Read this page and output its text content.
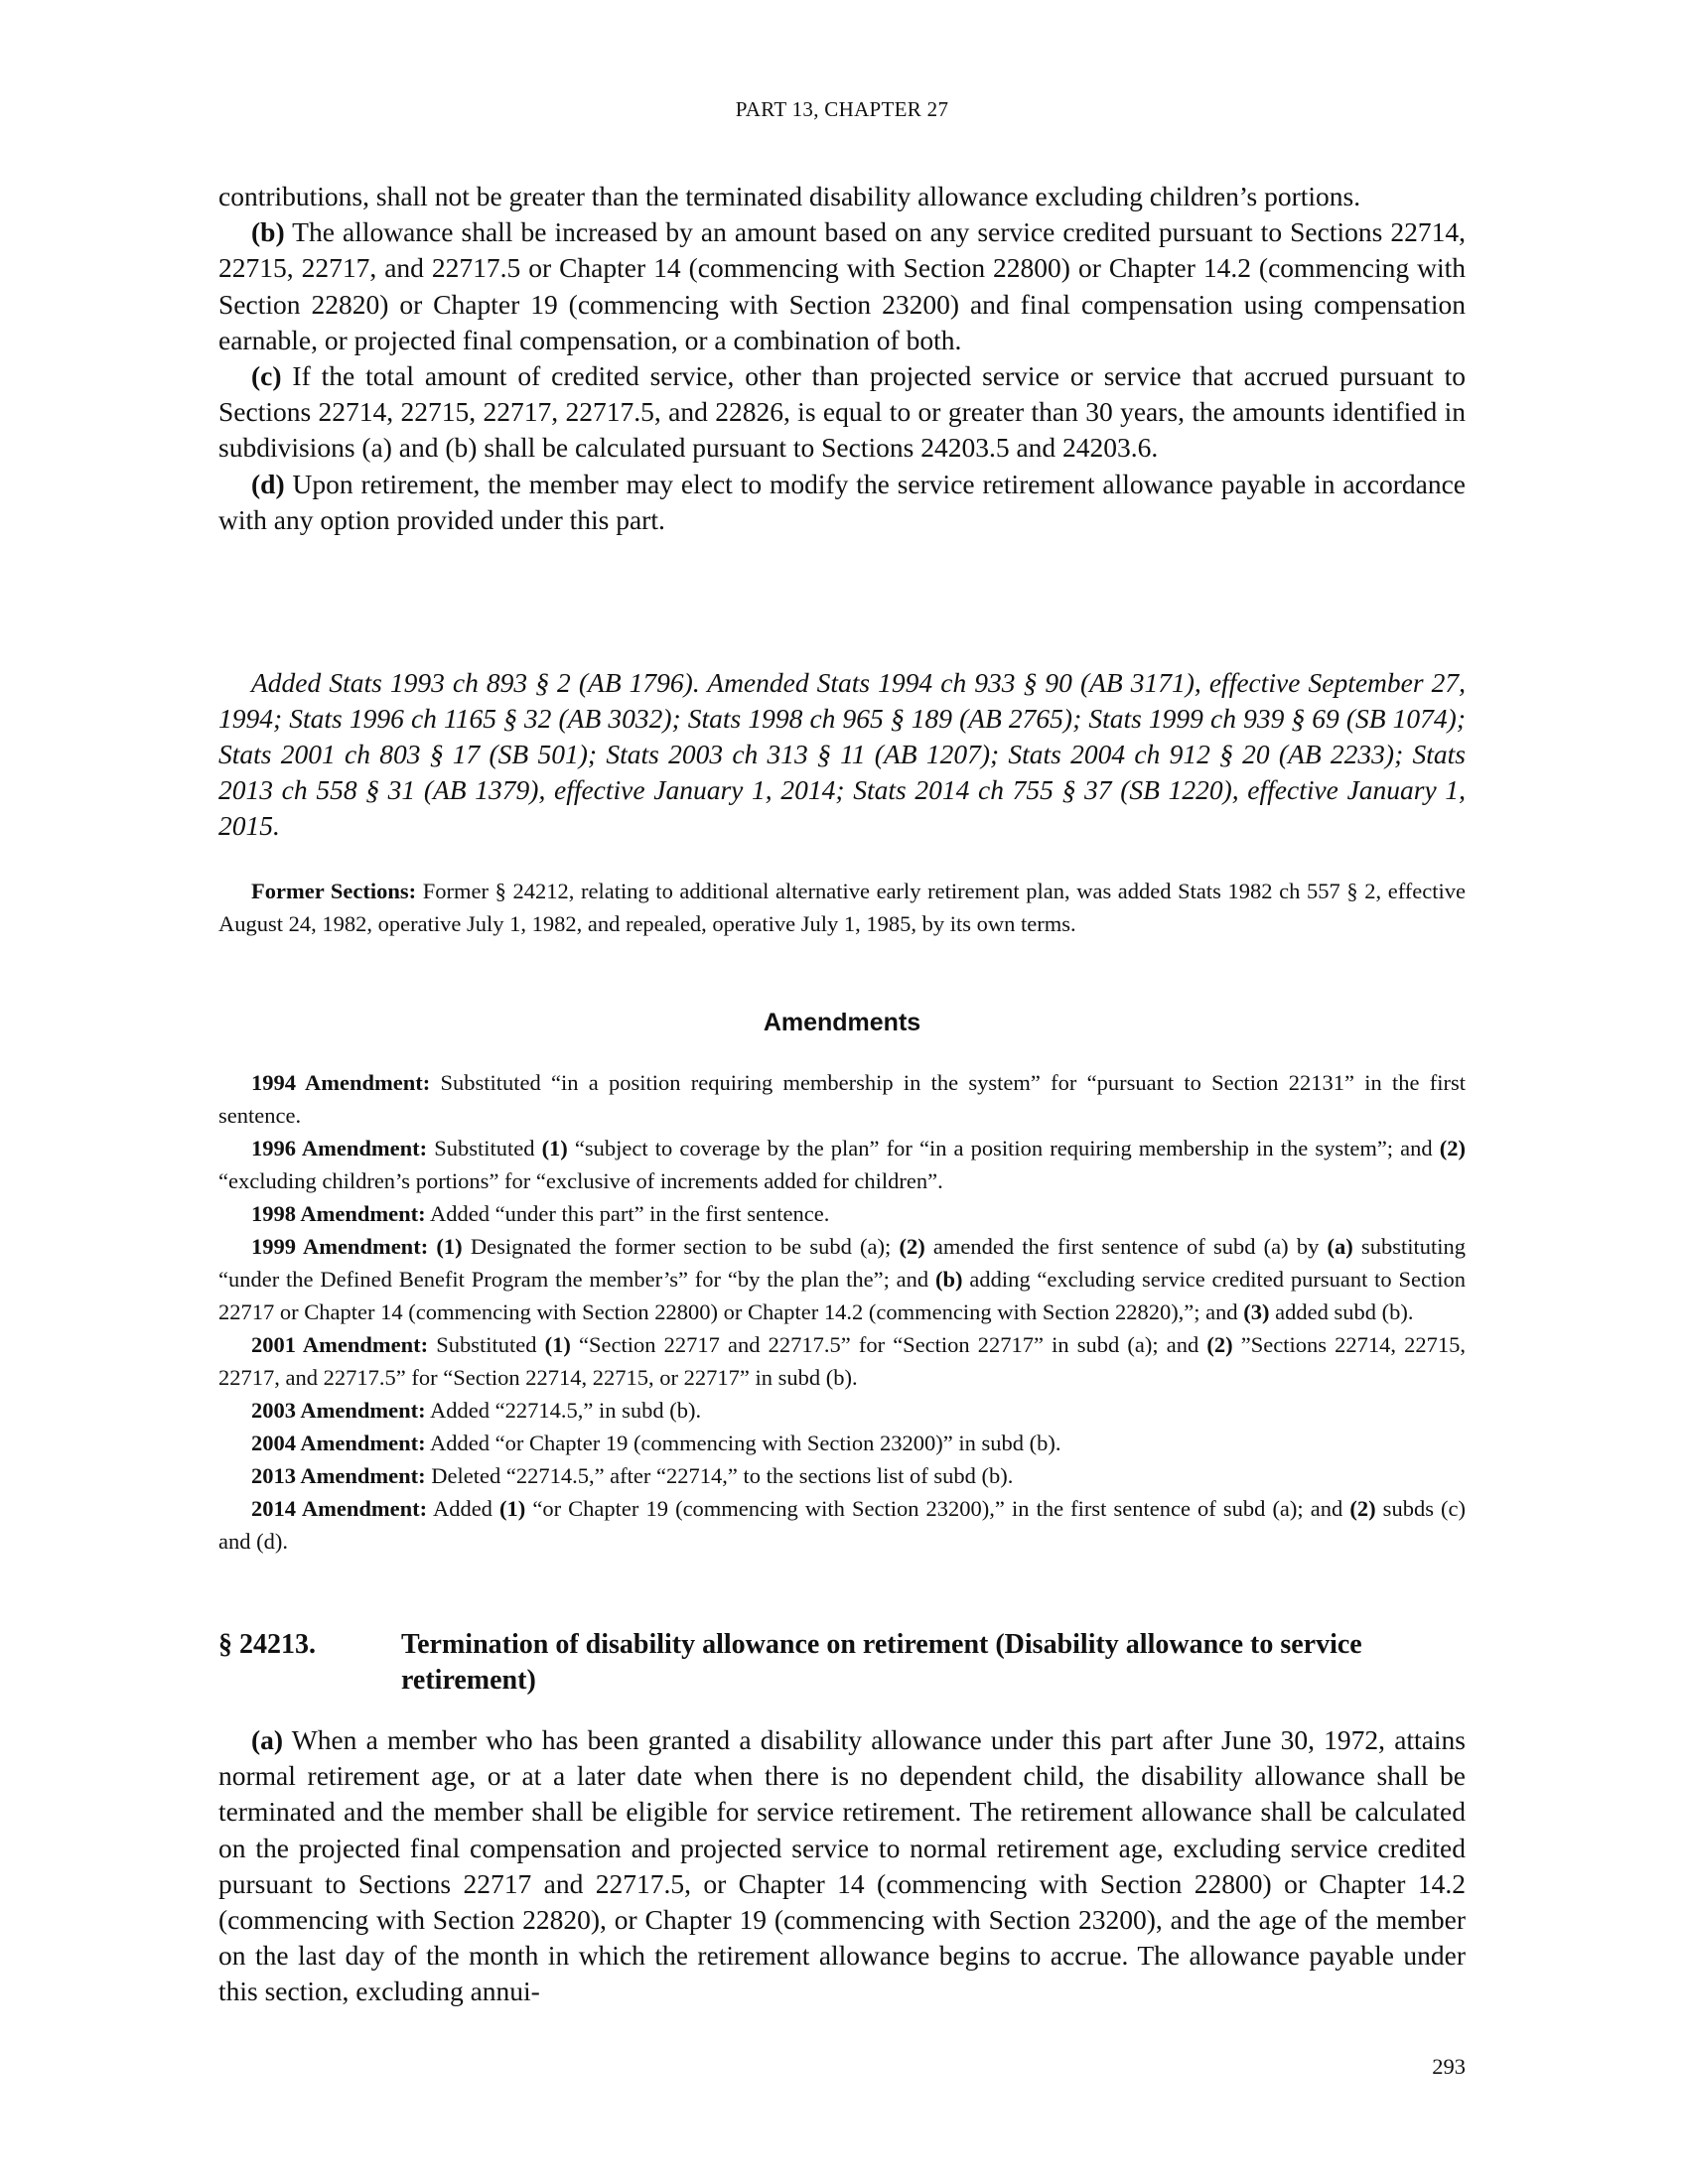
PART 13, CHAPTER 27

contributions, shall not be greater than the terminated disability allowance excluding children’s portions.

(b) The allowance shall be increased by an amount based on any service credited pursuant to Sections 22714, 22715, 22717, and 22717.5 or Chapter 14 (commencing with Section 22800) or Chapter 14.2 (commencing with Section 22820) or Chapter 19 (commencing with Section 23200) and final compensation using compensation earnable, or projected final compensation, or a combination of both.

(c) If the total amount of credited service, other than projected service or service that accrued pursuant to Sections 22714, 22715, 22717, 22717.5, and 22826, is equal to or greater than 30 years, the amounts identified in subdivisions (a) and (b) shall be calculated pursuant to Sections 24203.5 and 24203.6.

(d) Upon retirement, the member may elect to modify the service retirement allowance payable in accordance with any option provided under this part.

Added Stats 1993 ch 893 § 2 (AB 1796). Amended Stats 1994 ch 933 § 90 (AB 3171), effective September 27, 1994; Stats 1996 ch 1165 § 32 (AB 3032); Stats 1998 ch 965 § 189 (AB 2765); Stats 1999 ch 939 § 69 (SB 1074); Stats 2001 ch 803 § 17 (SB 501); Stats 2003 ch 313 § 11 (AB 1207); Stats 2004 ch 912 § 20 (AB 2233); Stats 2013 ch 558 § 31 (AB 1379), effective January 1, 2014; Stats 2014 ch 755 § 37 (SB 1220), effective January 1, 2015.
Former Sections: Former § 24212, relating to additional alternative early retirement plan, was added Stats 1982 ch 557 § 2, effective August 24, 1982, operative July 1, 1982, and repealed, operative July 1, 1985, by its own terms.
Amendments

1994 Amendment: Substituted “in a position requiring membership in the system” for “pursuant to Section 22131” in the first sentence.

1996 Amendment: Substituted (1) “subject to coverage by the plan” for “in a position requiring membership in the system”; and (2) “excluding children’s portions” for “exclusive of increments added for children”.

1998 Amendment: Added “under this part” in the first sentence.

1999 Amendment: (1) Designated the former section to be subd (a); (2) amended the first sentence of subd (a) by (a) substituting “under the Defined Benefit Program the member’s” for “by the plan the”; and (b) adding “excluding service credited pursuant to Section 22717 or Chapter 14 (commencing with Section 22800) or Chapter 14.2 (commencing with Section 22820),”; and (3) added subd (b).

2001 Amendment: Substituted (1) “Section 22717 and 22717.5” for “Section 22717” in subd (a); and (2) ”Sections 22714, 22715, 22717, and 22717.5” for “Section 22714, 22715, or 22717” in subd (b).

2003 Amendment: Added “22714.5,” in subd (b).

2004 Amendment: Added “or Chapter 19 (commencing with Section 23200)” in subd (b).

2013 Amendment: Deleted “22714.5,” after “22714,” to the sections list of subd (b).

2014 Amendment: Added (1) “or Chapter 19 (commencing with Section 23200),” in the first sentence of subd (a); and (2) subds (c) and (d).

§ 24213.	Termination of disability allowance on retirement (Disability allowance to service retirement)
(a) When a member who has been granted a disability allowance under this part after June 30, 1972, attains normal retirement age, or at a later date when there is no dependent child, the disability allowance shall be terminated and the member shall be eligible for service retirement. The retirement allowance shall be calculated on the projected final compensation and projected service to normal retirement age, excluding service credited pursuant to Sections 22717 and 22717.5, or Chapter 14 (commencing with Section 22800) or Chapter 14.2 (commencing with Section 22820), or Chapter 19 (commencing with Section 23200), and the age of the member on the last day of the month in which the retirement allowance begins to accrue. The allowance payable under this section, excluding annui-
293
